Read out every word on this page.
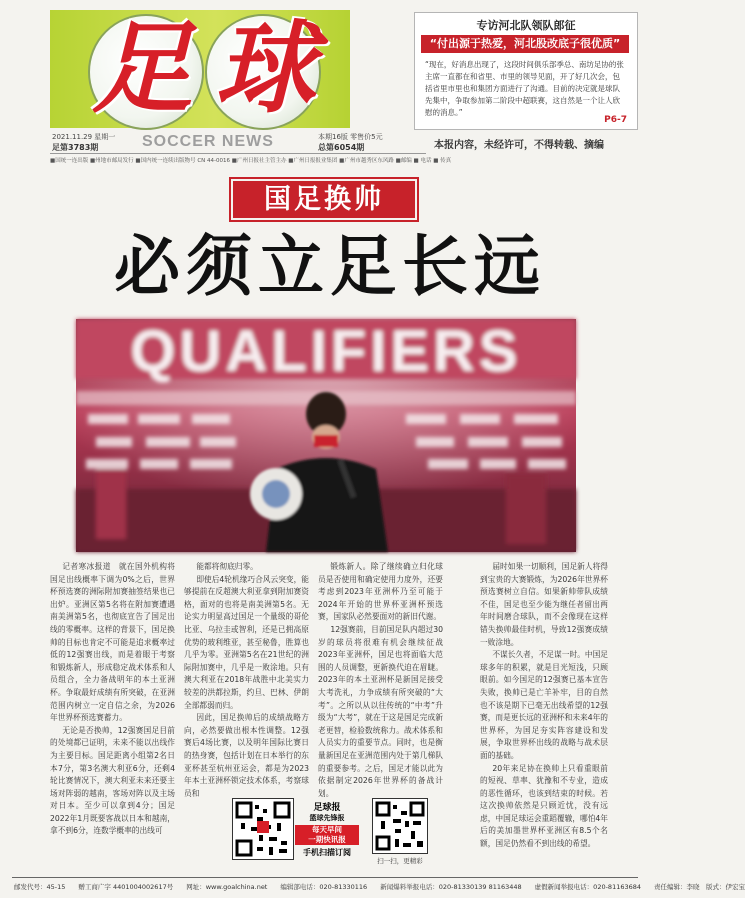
足 球
2021.11.29 星期一
足第3783期	SOCCER NEWS	本期16版 零售价5元
总第6054期
■国统一连出版 ■州地市邮局发行 ■国内统一连续出版物号 CN 44-0016 ■广州日报社主管主办 ■广州日报报业集团 ■广州市越秀区东风路 ■邮编 ■ 电话 ■ 传真
专访河北队领队郎征
“付出源于热爱，河北股改底子很优质”
“现在，好消息出现了，这段时间俱乐部季总、南坊足协的张主席一直都在和省里、市里的领导见面，开了好几次会，包括省里市里也和集团方面进行了沟通。目前的决定就是球队先集中，争取参加第二阶段中超联赛，这自然是一个让人欣慰的消息。”
P6-7
本报内容，未经许可，不得转载、摘编
国足换帅
必须立足长远
QUALIFIERS

记者寒冰报道　就在国外机构将国足出线概率下调为0%之后，世界杯预选赛的洲际附加赛抽签结果也已出炉。亚洲区第5名将在附加赛遭遇南美洲第5名，也彻底宣告了国足出线的零概率。这样的背景下，国足换帅的目标也肯定不可能是追求概率过低的12强赛出线，而是着眼于考察和锻炼新人，形成稳定战术体系和人员组合，全力备战明年的本土亚洲杯。争取最好成绩有所突破，在亚洲范围内树立一定自信之余，为2026年世界杯预选赛蓄力。

无论是否换帅，12强赛国足目前的处境都已证明，未来不能以出线作为主要目标。国足距离小组第2名日本7分，第3名澳大利亚6分，还剩4轮比赛情况下，澳大利亚未来还要主场对阵弱的越南，客场对阵以及主场对日本。至少可以拿到4分；国足2022年1月既要客战以日本和越南，拿不到6分，连数学概率的出线可

能都将彻底归零。

即使后4轮机缘巧合风云突变，能够提前在反超澳大利亚拿到附加赛资格，面对的也将是南美洲第5名。无论实力明显高过国足一个量级的哥伦比亚、乌拉圭或智利，还是已拥高原优势的玻利维亚，甚至秘鲁，胜算也几乎为零。亚洲第5名在21世纪的洲际附加赛中，几乎是一败涂地。只有澳大利亚在2018年战胜中北美实力较差的洪都拉斯，约旦、巴林、伊朗全部都弱而归。

因此，国足换帅后的成绩战略方向，必然要做出根本性调整。12强赛后4场比赛，以及明年国际比赛日的热身赛，包括计划在日本举行的东亚杯甚至杭州亚运会，都是为2023年本土亚洲杯锁定技术体系，考察球员和

锻炼新人。除了继续确立归化球员是否使用和确定使用力度外，还要考虑到2023年亚洲杯乃至可能于2024年开始的世界杯亚洲杯预选赛，国家队必然要面对的新旧代谢。

12强赛前，目前国足队内超过30岁的球员将很难有机会继续征战2023年亚洲杯，国足也将面临大范围的人员调整，更新换代迫在眉睫。2023年的本土亚洲杯是新国足接受大考洗礼，力争成绩有所突破的“大考”。之所以从以往传统的“中考”升级为“大考”，就在于这是国足完成新老更替，检验数统称力。战术体系和人员实力的重要节点。同时，也是衡量新国足在亚洲范围内处于第几梯队的重要参考。之后，国足才能以此为依据制定2026年世界杯的备战计划。

届时如果一切顺利，国足新人将得到宝贵的大赛锻炼，为2026年世界杯预选赛树立自信。如果新帅带队成绩不佳，国足也至少能为继任者留出两年时间磨合球队，而不会像现在这样错失换帅最佳时机，导致12强赛成绩一败涂地。

不谋长久者，不足谋一时。中国足球多年的积累，就是目光短浅，只顾眼前。如今国足的12强赛已基本宣告失败，换帅已是亡羊补牢，目的自然也不该是期下已毫无出线希望的12强赛，而是更长远的亚洲杯和未来4年的世界杯，为国足夯实阵容建设和发展，争取世界杯出线的战略与战术层面的基础。

20年来足协在换帅上只看重眼前的短视、草率、犹豫和不专业，造成的恶性循环，也该到结束的时候。若这次换帅依然是只顾近忧，没有远虑，中国足球运会重蹈覆辙，哪怕4年后的美加墨世界杯亚洲区有8.5个名额，国足仍然看不到出线的希望。

足球报
篮球先锋报
每天早间
一期快讯报
手机扫描订阅
扫一扫，更精彩
邮发代号：45-15　　赠工商广字 4401004002617号　　网址：www.goalchina.net　　编辑部电话：020-81330116　　新闻爆料举报电话：020-81330139 81163448　　虚假新闻举报电话：020-81163684　　责任编辑：李晓　版式：伊宏宝
